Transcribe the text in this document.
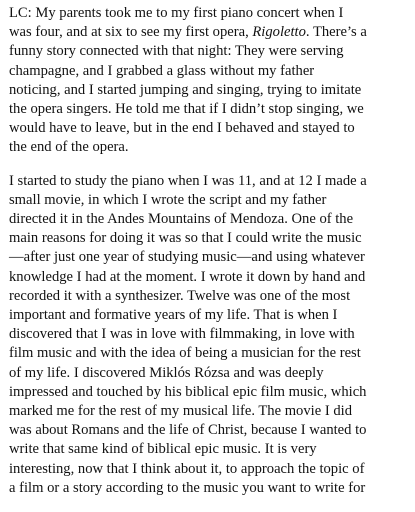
LC: My parents took me to my first piano concert when I
was four, and at six to see my first opera, Rigoletto. There’s a
funny story connected with that night: They were serving
champagne, and I grabbed a glass without my father
noticing, and I started jumping and singing, trying to imitate
the opera singers. He told me that if I didn’t stop singing, we
would have to leave, but in the end I behaved and stayed to
the end of the opera.

I started to study the piano when I was 11, and at 12 I made a
small movie, in which I wrote the script and my father
directed it in the Andes Mountains of Mendoza. One of the
main reasons for doing it was so that I could write the music
—after just one year of studying music—and using whatever
knowledge I had at the moment. I wrote it down by hand and
recorded it with a synthesizer. Twelve was one of the most
important and formative years of my life. That is when I
discovered that I was in love with filmmaking, in love with
film music and with the idea of being a musician for the rest
of my life. I discovered Miklós Rózsa and was deeply
impressed and touched by his biblical epic film music, which
marked me for the rest of my musical life. The movie I did
was about Romans and the life of Christ, because I wanted to
write that same kind of biblical epic music. It is very
interesting, now that I think about it, to approach the topic of
a film or a story according to the music you want to write for
